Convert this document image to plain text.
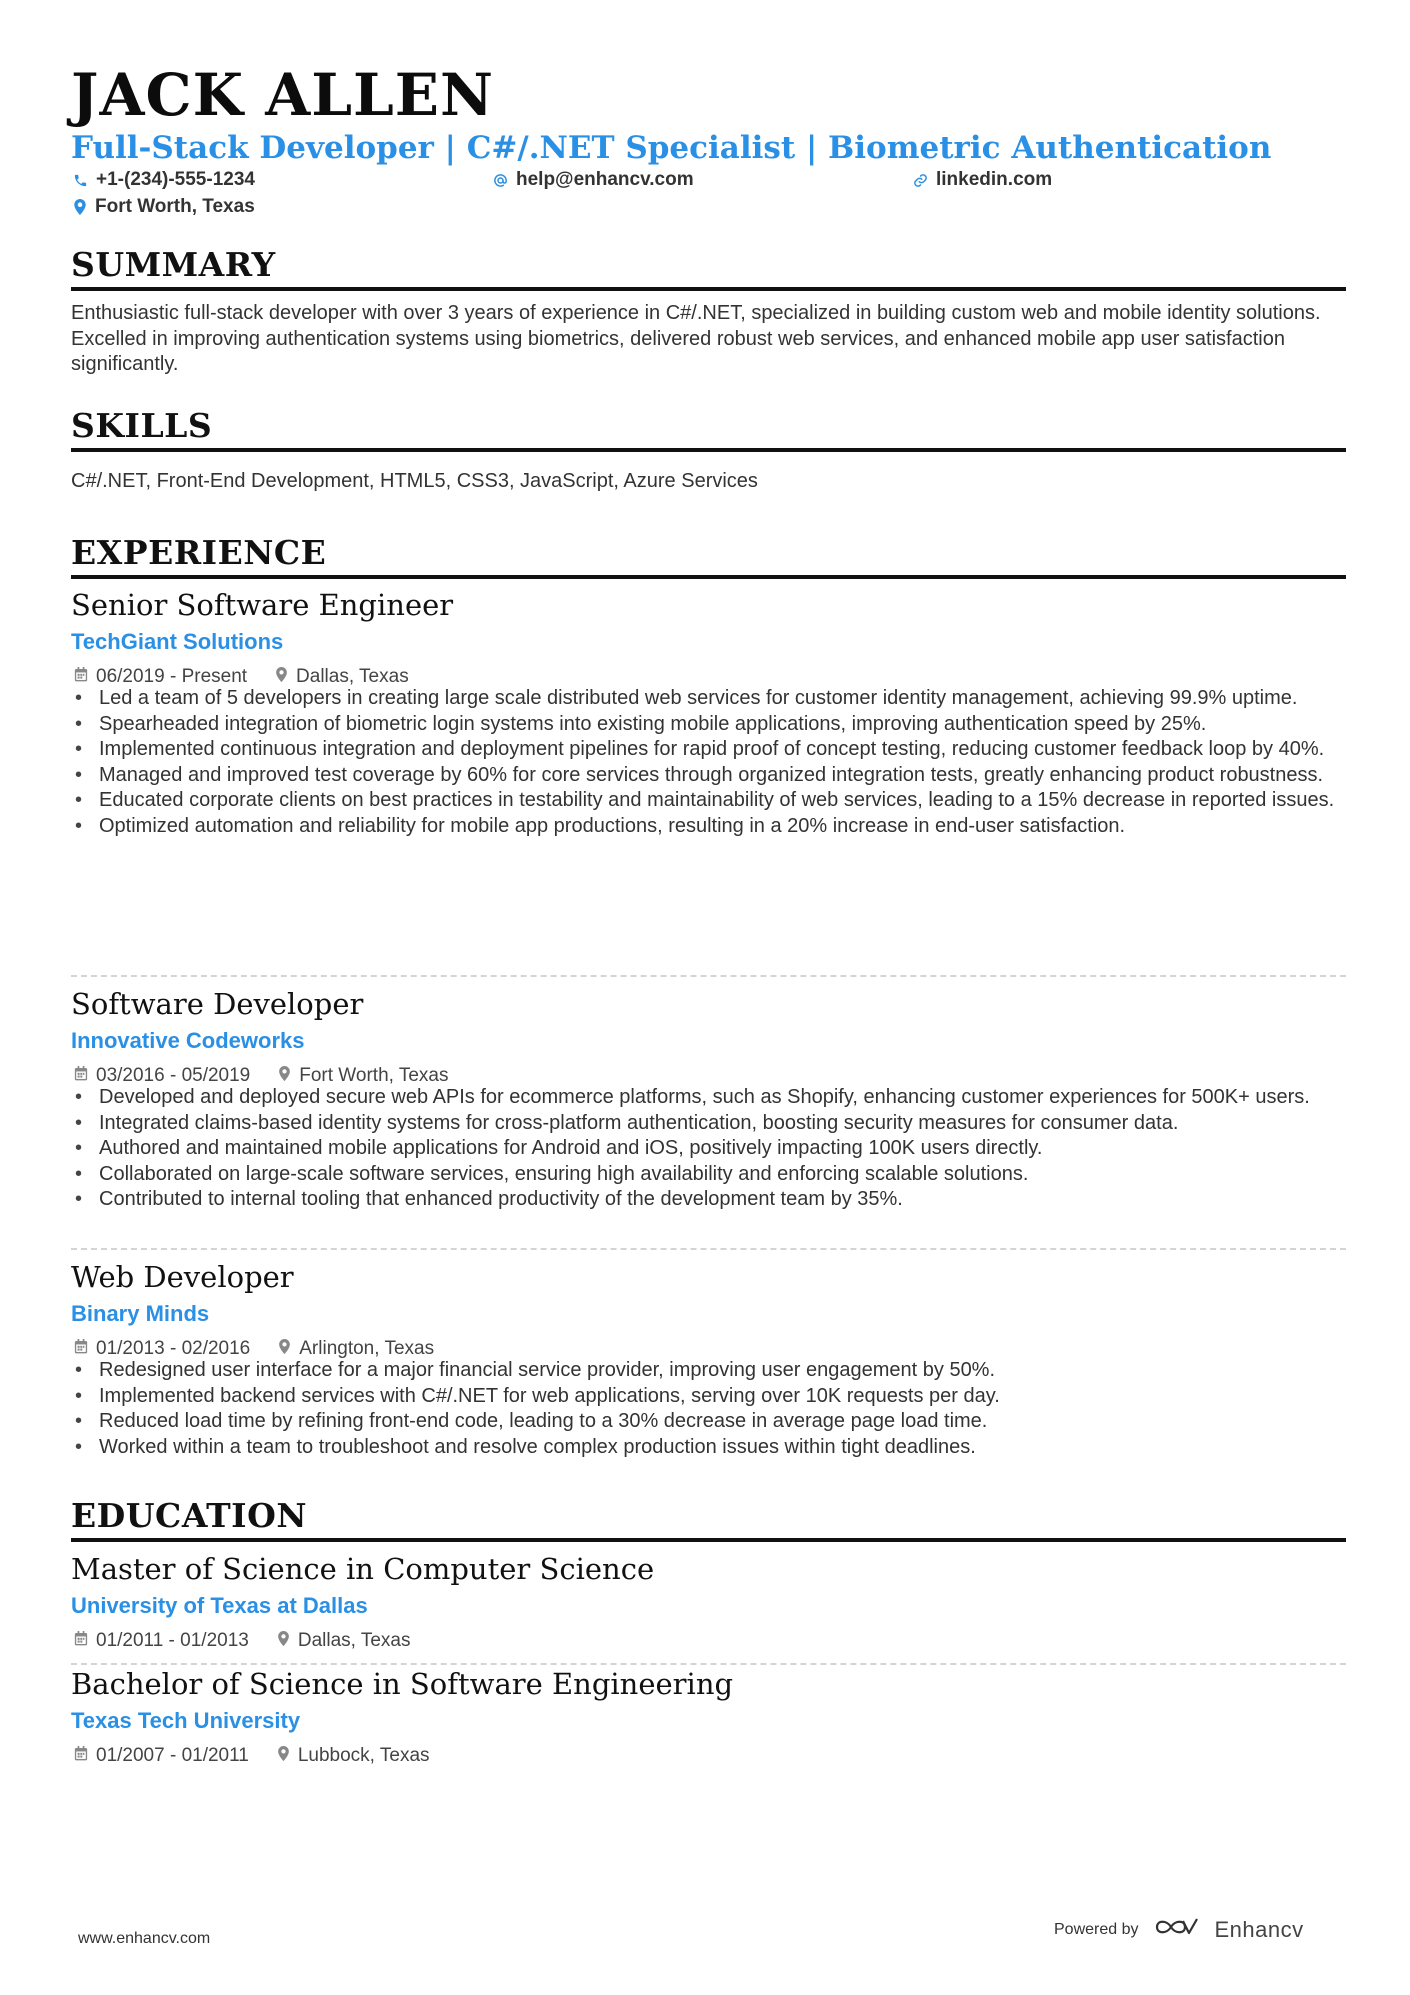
JACK ALLEN
Full-Stack Developer | C#/.NET Specialist | Biometric Authentication
+1-(234)-555-1234	help@enhancv.com	linkedin.com
Fort Worth, Texas
SUMMARY
Enthusiastic full-stack developer with over 3 years of experience in C#/.NET, specialized in building custom web and mobile identity solutions. Excelled in improving authentication systems using biometrics, delivered robust web services, and enhanced mobile app user satisfaction significantly.
SKILLS
C#/.NET, Front-End Development, HTML5, CSS3, JavaScript, Azure Services
EXPERIENCE
Senior Software Engineer
TechGiant Solutions
06/2019 - Present	Dallas, Texas
• Led a team of 5 developers in creating large scale distributed web services for customer identity management, achieving 99.9% uptime.
• Spearheaded integration of biometric login systems into existing mobile applications, improving authentication speed by 25%.
• Implemented continuous integration and deployment pipelines for rapid proof of concept testing, reducing customer feedback loop by 40%.
• Managed and improved test coverage by 60% for core services through organized integration tests, greatly enhancing product robustness.
• Educated corporate clients on best practices in testability and maintainability of web services, leading to a 15% decrease in reported issues.
• Optimized automation and reliability for mobile app productions, resulting in a 20% increase in end-user satisfaction.
Software Developer
Innovative Codeworks
03/2016 - 05/2019	Fort Worth, Texas
• Developed and deployed secure web APIs for ecommerce platforms, such as Shopify, enhancing customer experiences for 500K+ users.
• Integrated claims-based identity systems for cross-platform authentication, boosting security measures for consumer data.
• Authored and maintained mobile applications for Android and iOS, positively impacting 100K users directly.
• Collaborated on large-scale software services, ensuring high availability and enforcing scalable solutions.
• Contributed to internal tooling that enhanced productivity of the development team by 35%.
Web Developer
Binary Minds
01/2013 - 02/2016	Arlington, Texas
• Redesigned user interface for a major financial service provider, improving user engagement by 50%.
• Implemented backend services with C#/.NET for web applications, serving over 10K requests per day.
• Reduced load time by refining front-end code, leading to a 30% decrease in average page load time.
• Worked within a team to troubleshoot and resolve complex production issues within tight deadlines.
EDUCATION
Master of Science in Computer Science
University of Texas at Dallas
01/2011 - 01/2013	Dallas, Texas
Bachelor of Science in Software Engineering
Texas Tech University
01/2007 - 01/2011	Lubbock, Texas
www.enhancv.com
Powered by	Enhancv
